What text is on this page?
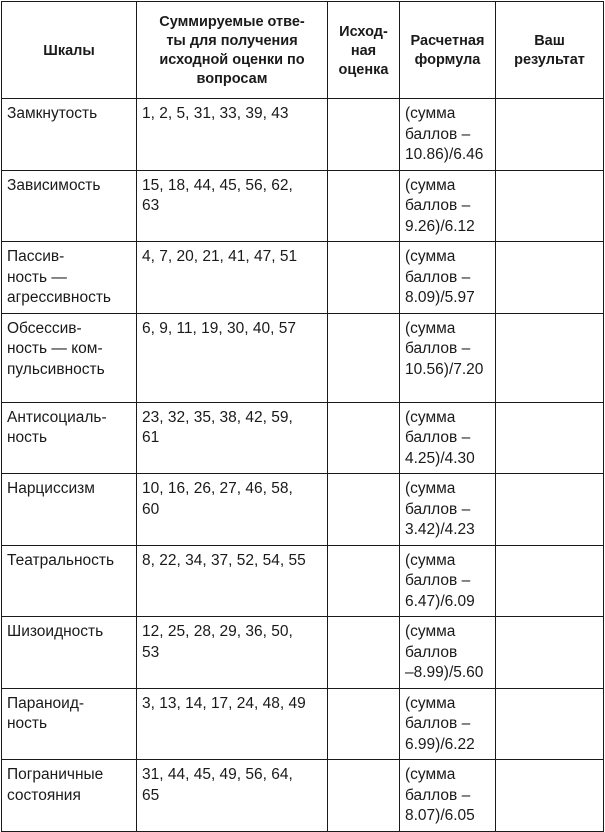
Шкалы	Суммируемые отве-
ты для получения
исходной оценки по
вопросам	Исход-
ная
оценка	Расчетная
формула	Ваш
результат
Замкнутость	1, 2, 5, 31, 33, 39, 43		(сумма
баллов –
10.86)/6.46	
Зависимость	15, 18, 44, 45, 56, 62,
63		(сумма
баллов –
9.26)/6.12	
Пассив-
ность —
агрессивность	4, 7, 20, 21, 41, 47, 51		(сумма
баллов –
8.09)/5.97	
Обсессив-
ность — ком-
пульсивность	6, 9, 11, 19, 30, 40, 57		(сумма
баллов –
10.56)/7.20	
Антисоциаль-
ность	23, 32, 35, 38, 42, 59,
61		(сумма
баллов –
4.25)/4.30	
Нарциссизм	10, 16, 26, 27, 46, 58,
60		(сумма
баллов –
3.42)/4.23	
Театральность	8, 22, 34, 37, 52, 54, 55		(сумма
баллов –
6.47)/6.09	
Шизоидность	12, 25, 28, 29, 36, 50,
53		(сумма
баллов
–8.99)/5.60	
Параноид-
ность	3, 13, 14, 17, 24, 48, 49		(сумма
баллов –
6.99)/6.22	
Пограничные
состояния	31, 44, 45, 49, 56, 64,
65		(сумма
баллов –
8.07)/6.05	
